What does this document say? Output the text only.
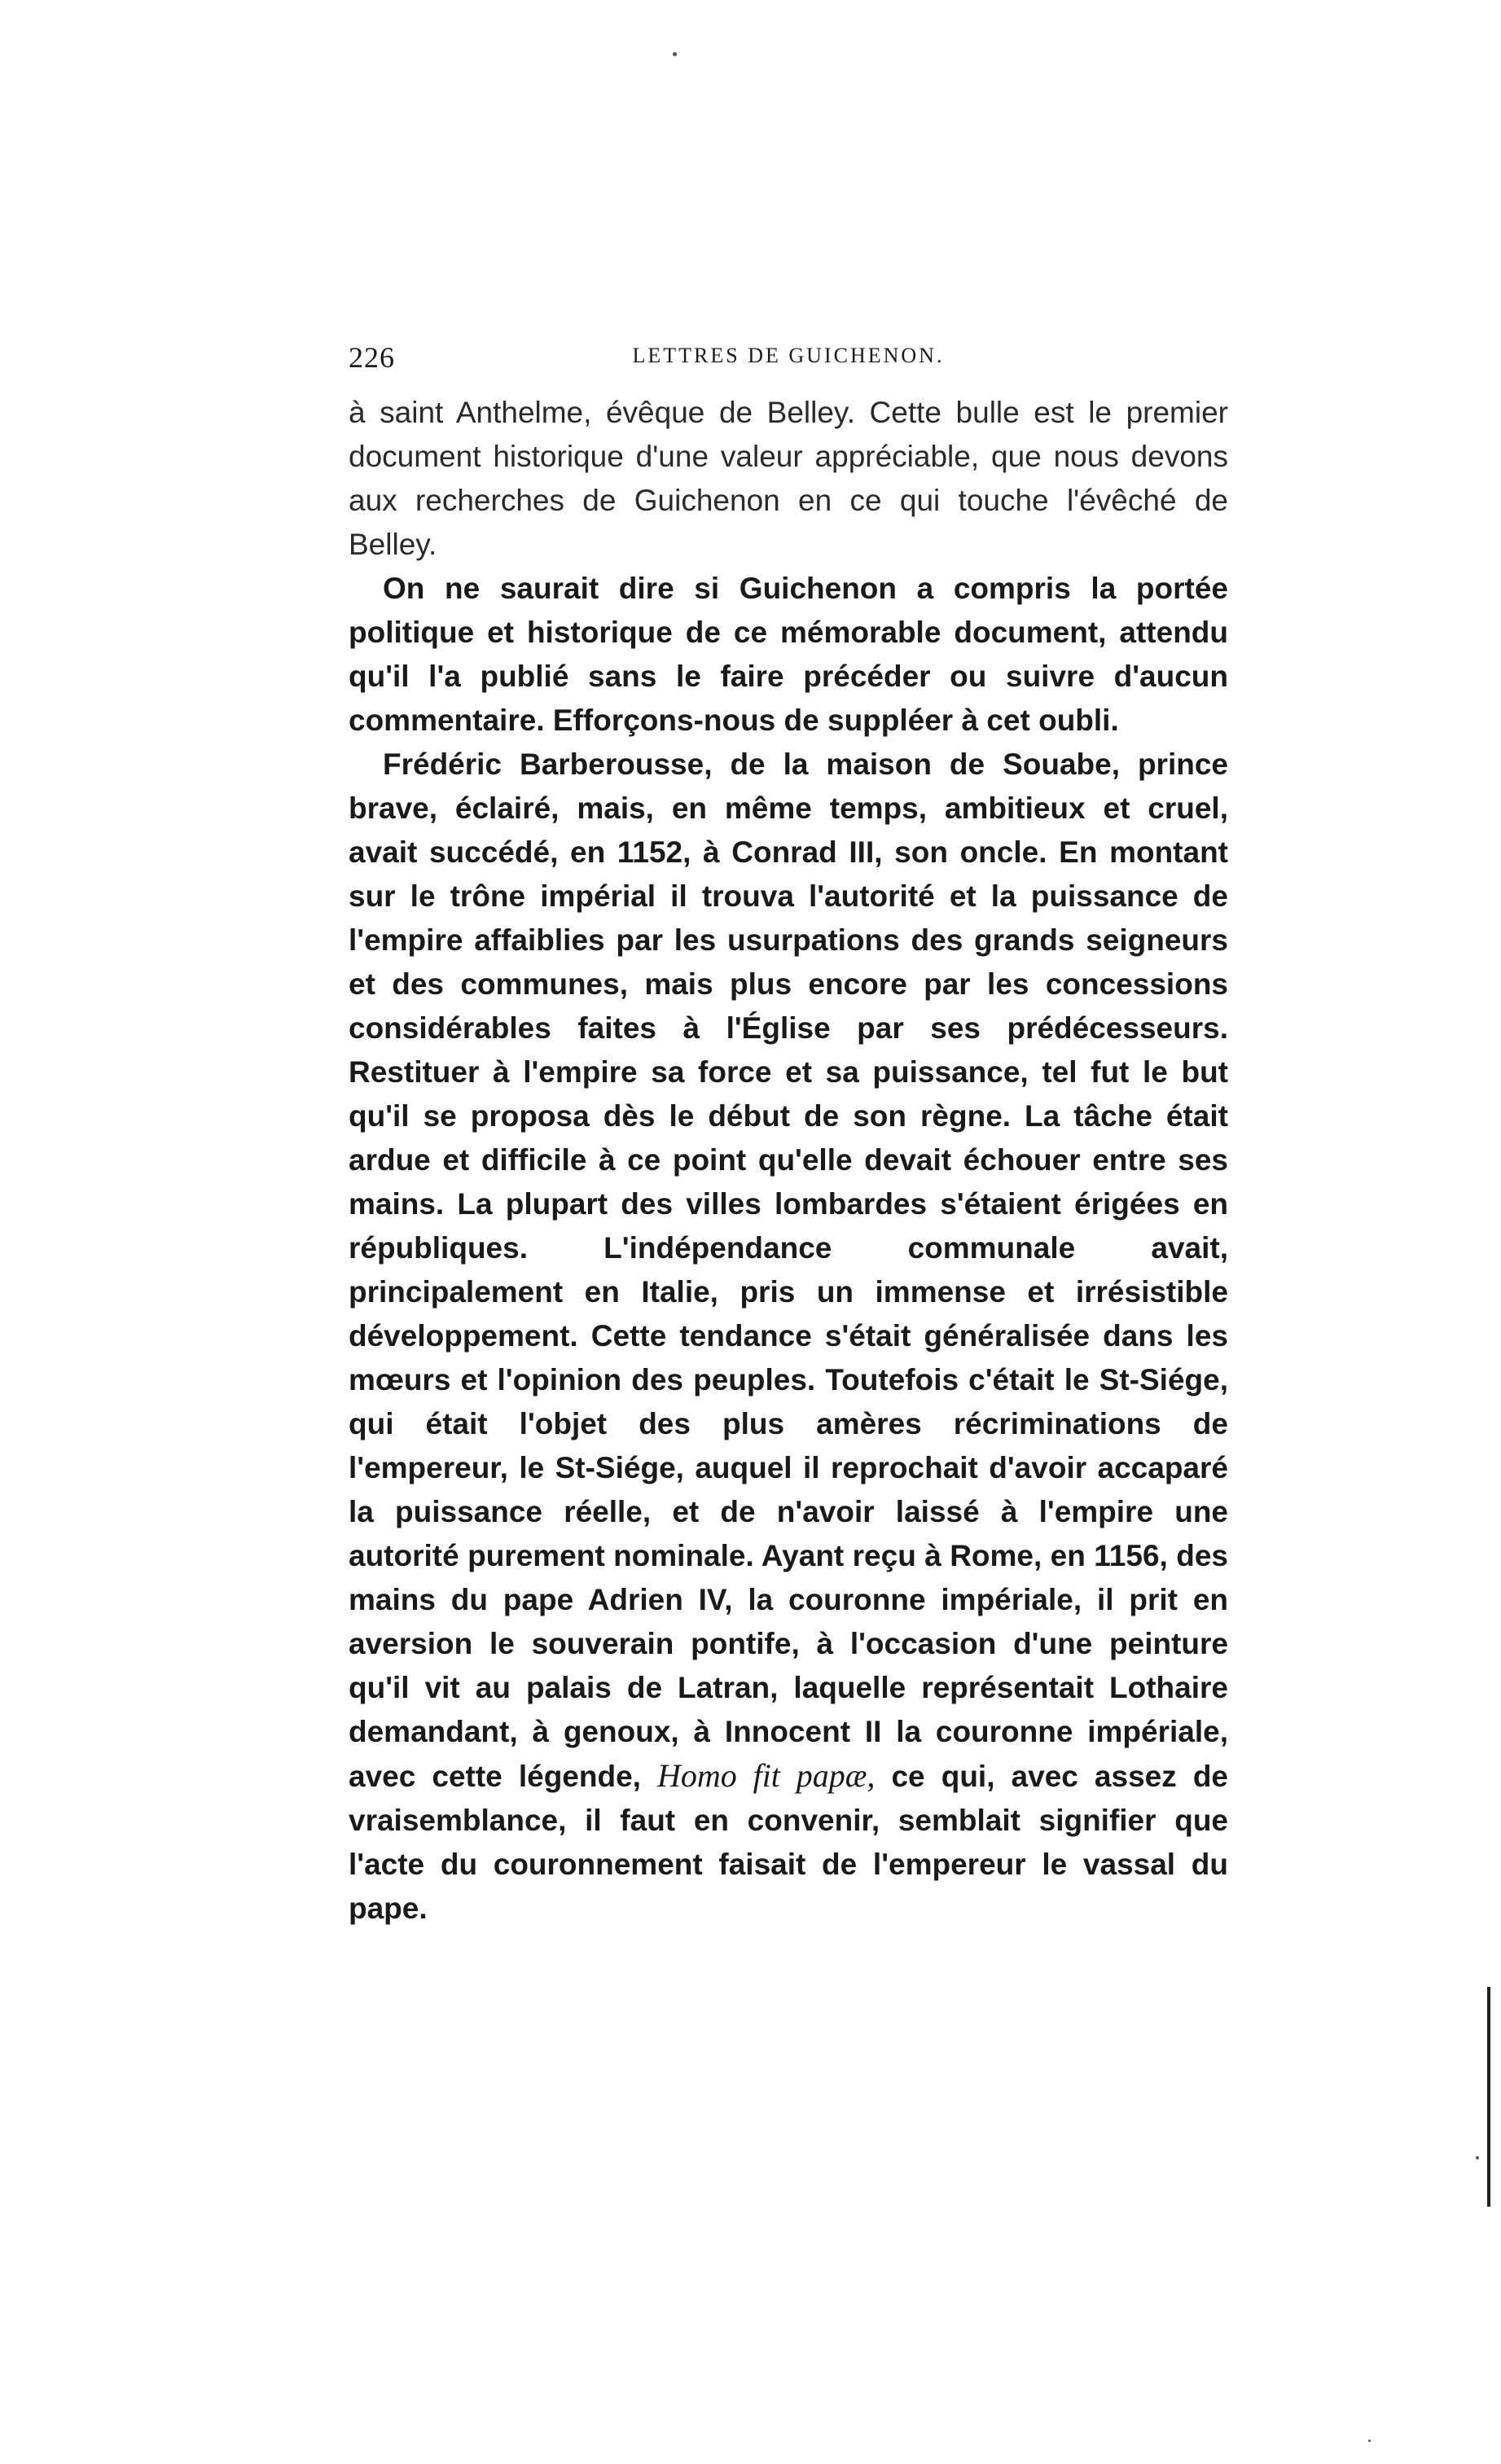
226	LETTRES DE GUICHENON.

à saint Anthelme, évêque de Belley. Cette bulle est le premier document historique d'une valeur appréciable, que nous devons aux recherches de Guichenon en ce qui touche l'évêché de Belley.

On ne saurait dire si Guichenon a compris la portée politique et historique de ce mémorable document, attendu qu'il l'a publié sans le faire précéder ou suivre d'aucun commentaire. Efforçons-nous de suppléer à cet oubli.

Frédéric Barberousse, de la maison de Souabe, prince brave, éclairé, mais, en même temps, ambitieux et cruel, avait succédé, en 1152, à Conrad III, son oncle. En montant sur le trône impérial il trouva l'autorité et la puissance de l'empire affaiblies par les usurpations des grands seigneurs et des communes, mais plus encore par les concessions considérables faites à l'Église par ses prédécesseurs. Restituer à l'empire sa force et sa puissance, tel fut le but qu'il se proposa dès le début de son règne. La tâche était ardue et difficile à ce point qu'elle devait échouer entre ses mains. La plupart des villes lombardes s'étaient érigées en républiques. L'indépendance communale avait, principalement en Italie, pris un immense et irrésistible développement. Cette tendance s'était généralisée dans les mœurs et l'opinion des peuples. Toutefois c'était le St-Siége, qui était l'objet des plus amères récriminations de l'empereur, le St-Siége, auquel il reprochait d'avoir accaparé la puissance réelle, et de n'avoir laissé à l'empire une autorité purement nominale. Ayant reçu à Rome, en 1156, des mains du pape Adrien IV, la couronne impériale, il prit en aversion le souverain pontife, à l'occasion d'une peinture qu'il vit au palais de Latran, laquelle représentait Lothaire demandant, à genoux, à Innocent II la couronne impériale, avec cette légende, Homo fit papæ, ce qui, avec assez de vraisemblance, il faut en convenir, semblait signifier que l'acte du couronnement faisait de l'empereur le vassal du pape.
